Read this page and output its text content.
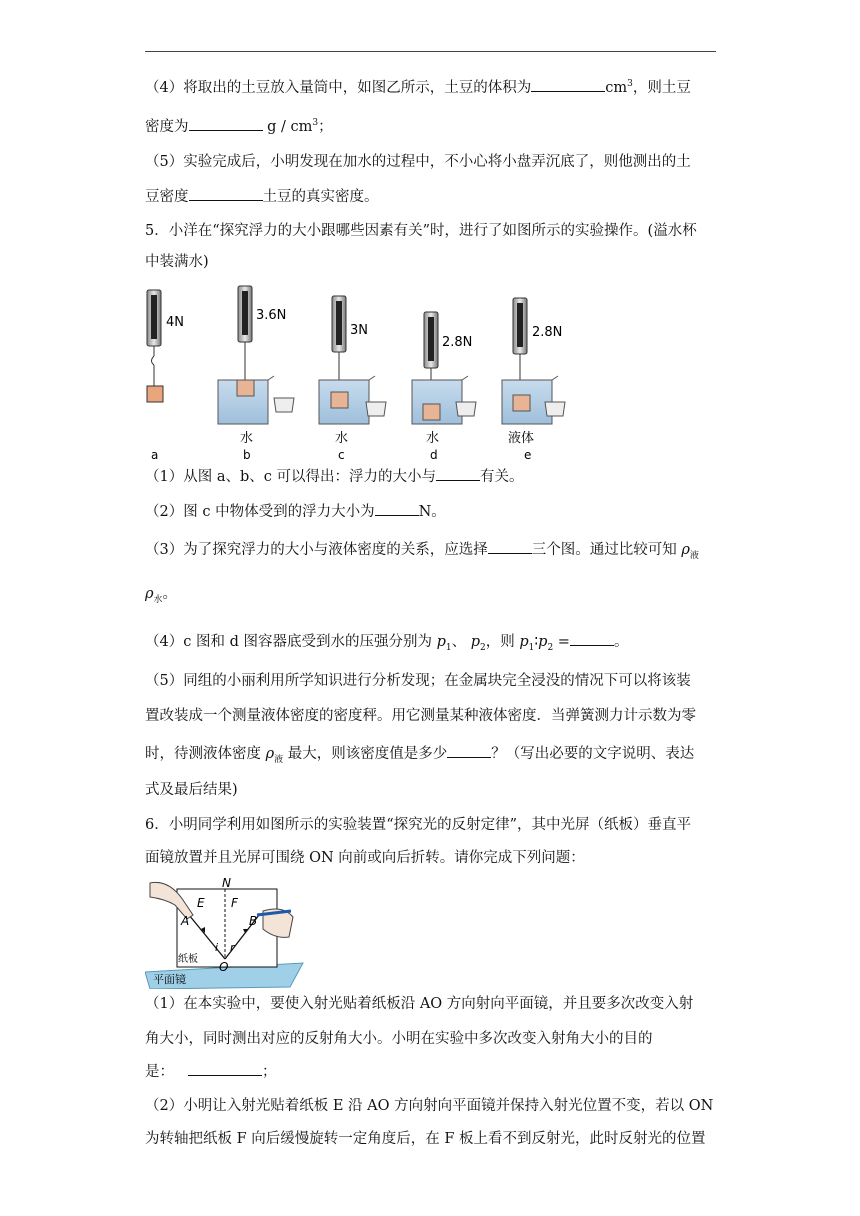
（4）将取出的土豆放入量筒中，如图乙所示，土豆的体积为	$cm^3$，则土豆
密度为	g / $cm^3$；
（5）实验完成后，小明发现在加水的过程中，不小心将小盘弄沉底了，则他测出的土
豆密度	土豆的真实密度。
5．小洋在“探究浮力的大小跟哪些因素有关”时，进行了如图所示的实验操作。(溢水杯
中装满水)
4N	3.6N
3N
2.8N
2.8N
水	水	水	液体
a	b	c	d	e
（1）从图 a、b、c 可以得出：浮力的大小与	有关。
（2）图 c 中物体受到的浮力大小为	N。
（3）为了探究浮力的大小与液体密度的关系，应选择	三个图。通过比较可知 $\rho_液$
$\rho_水$。
（4）c 图和 d 图容器底受到水的压强分别为 $p_1$、 $p_2$，则 $p_1∶p_2$ =	。
（5）同组的小丽利用所学知识进行分析发现；在金属块完全浸没的情况下可以将该装
置改装成一个测量液体密度的密度秤。用它测量某种液体密度．当弹簧测力计示数为零
时，待测液体密度 $\rho_液$ 最大，则该密度值是多少	？（写出必要的文字说明、表达
式及最后结果)
6．小明同学利用如图所示的实验装置“探究光的反射定律”，其中光屏（纸板）垂直平
面镜放置并且光屏可围绕 ON 向前或向后折转。请你完成下列问题：
N
E F
A	B
i r
O
纸板
平面镜
（1）在本实验中，要使入射光贴着纸板沿 AO 方向射向平面镜，并且要多次改变入射
角大小，同时测出对应的反射角大小。小明在实验中多次改变入射角大小的目的
是：	；
（2）小明让入射光贴着纸板 E 沿 AO 方向射向平面镜并保持入射光位置不变，若以 ON
为转轴把纸板 F 向后缓慢旋转一定角度后，在 F 板上看不到反射光，此时反射光的位置
